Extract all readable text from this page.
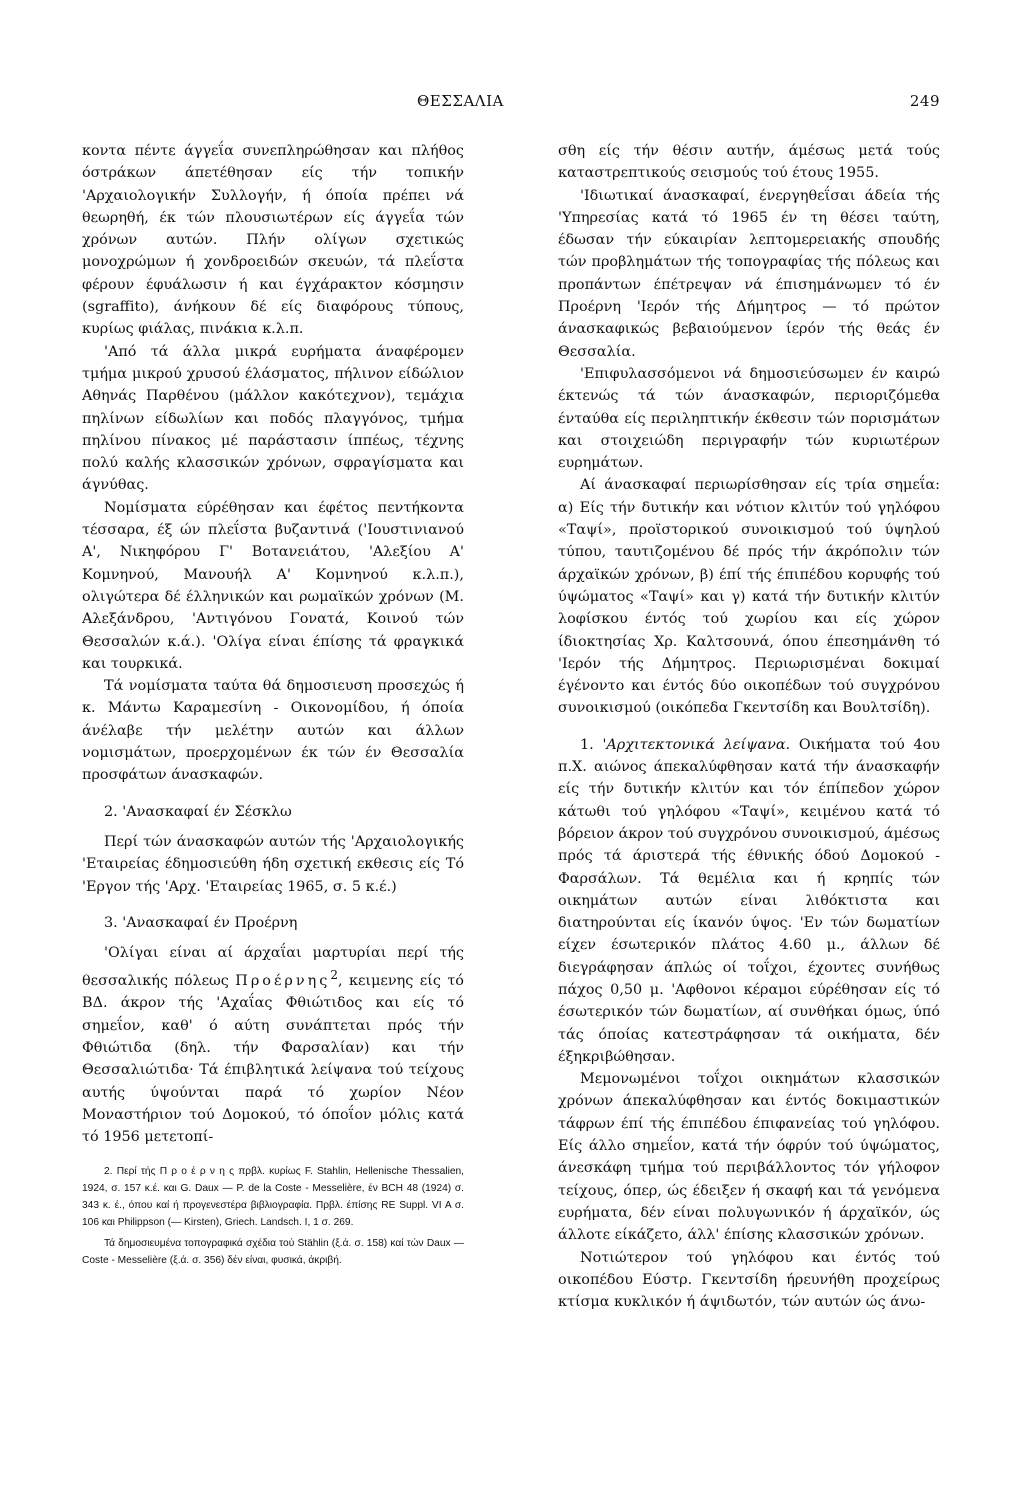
ΘΕΣΣΑΛΙΑ	249

κοντα πέντε άγγεΐα συνεπληρώθησαν και πλήθος όστράκων άπετέθησαν είς τήν τοπικήν 'Αρχαιολογικήν Συλλογήν, ή όποία πρέπει νά θεωρηθή, έκ τών πλουσιωτέρων είς άγγεΐα τών χρόνων αυτών. Πλήν ολίγων σχετικώς μονοχρώμων ή χονδροειδών σκευών, τά πλεΐστα φέρουν έφυάλωσιν ή και έγχάρακτον κόσμησιν (sgraffito), άνήκουν δέ είς διαφόρους τύπους, κυρίως φιάλας, πινάκια κ.λ.π.

'Από τά άλλα μικρά ευρήματα άναφέρομεν τμήμα μικρού χρυσού έλάσματος, πήλινον είδώλιον Αθηνάς Παρθένου (μάλλον κακότεχνον), τεμάχια πηλίνων είδωλίων και ποδός πλαγγόνος, τμήμα πηλίνου πίνακος μέ παράστασιν ίππέως, τέχνης πολύ καλής κλασσικών χρόνων, σφραγίσματα και άγνύθας.

Νομίσματα εύρέθησαν και έφέτος πεντήκοντα τέσσαρα, έξ ών πλεΐστα βυζαντινά ('Ιουστινιανού Α', Νικηφόρου Γ' Βοτανειάτου, 'Αλεξίου Α' Κομνηνού, Μανουήλ Α' Κομνηνού κ.λ.π.), ολιγώτερα δέ έλληνικών και ρωμαϊκών χρόνων (Μ. Αλεξάνδρου, 'Αντιγόνου Γονατά, Κοινού τών Θεσσαλών κ.ά.). 'Ολίγα είναι έπίσης τά φραγκικά και τουρκικά.

Τά νομίσματα ταύτα θά δημοσιευση προσεχώς ή κ. Μάντω Καραμεσίνη - Οικονομίδου, ή όποία άνέλαβε τήν μελέτην αυτών και άλλων νομισμάτων, προερχομένων έκ τών έν Θεσσαλία προσφάτων άνασκαφών.

2. 'Ανασκαφαί έν Σέσκλω

Περί τών άνασκαφών αυτών τής 'Αρχαιολογικής 'Εταιρείας έδημοσιεύθη ήδη σχετική εκθεσις είς Τό 'Εργον τής 'Αρχ. 'Εταιρείας 1965, σ. 5 κ.έ.)

3. 'Ανασκαφαί έν Προέρνη

'Ολίγαι είναι αί άρχαΐαι μαρτυρίαι περί τής θεσσαλικής πόλεως Προέρνης$^2$, κειμενης είς τό ΒΔ. άκρον τής 'Αχαΐας Φθιώτιδος και είς τό σημεΐον, καθ' ό αύτη συνάπτεται πρός τήν Φθιώτιδα (δηλ. τήν Φαρσαλίαν) και τήν Θεσσαλιώτιδα· Τά έπιβλητικά λείψανα τού τείχους αυτής ύψούνται παρά τό χωρίον Νέον Μοναστήριον τού Δομοκού, τό όποΐον μόλις κατά τό 1956 μετετοπί-

2. Περί τής Π ρ ο έ ρ ν η ς πρβλ. κυρίως F. Stahlin, Hellenische Thessalien, 1924, σ. 157 κ.έ. και G. Daux — P. de la Coste - Messelière, έν BCH 48 (1924) σ. 343 κ. έ., όπου καί ή προγενεστέρα βιβλιογραφία. Πρβλ. έπίσης RE Suppl. VI A σ. 106 και Philippson (— Kirsten), Griech. Landsch. I, 1 σ. 269.

Τά δημοσιευμένα τοπογραφικά σχέδια τού Stählin (ξ.ά. σ. 158) καί τών Daux — Coste - Messelière (ξ.ά. σ. 356) δέν είναι, φυσικά, άκριβή.

σθη είς τήν θέσιν αυτήν, άμέσως μετά τούς καταστρεπτικούς σεισμούς τού έτους 1955.

'Ιδιωτικαί άνασκαφαί, ένεργηθεΐσαι άδεία τής 'Υπηρεσίας κατά τό 1965 έν τη θέσει ταύτη, έδωσαν τήν εύκαιρίαν λεπτομερειακής σπουδής τών προβλημάτων τής τοπογραφίας τής πόλεως και προπάντων έπέτρεψαν νά έπισημάνωμεν τό έν Προέρνη 'Ιερόν τής Δήμητρος — τό πρώτον άνασκαφικώς βεβαιούμενον ίερόν τής θεάς έν Θεσσαλία.

'Επιφυλασσόμενοι νά δημοσιεύσωμεν έν καιρώ έκτενώς τά τών άνασκαφών, περιοριζόμεθα ένταύθα είς περιληπτικήν έκθεσιν τών πορισμάτων και στοιχειώδη περιγραφήν τών κυριωτέρων ευρημάτων.

Αί άνασκαφαί περιωρίσθησαν είς τρία σημεΐα: α) Είς τήν δυτικήν και νότιον κλιτύν τού γηλόφου «Ταψί», προϊστορικού συνοικισμού τού ύψηλού τύπου, ταυτιζομένου δέ πρός τήν άκρόπολιν τών άρχαϊκών χρόνων, β) έπί τής έπιπέδου κορυφής τού ύψώματος «Ταψί» και γ) κατά τήν δυτικήν κλιτύν λοφίσκου έντός τού χωρίου και είς χώρον ίδιοκτησίας Χρ. Καλτσουνά, όπου έπεσημάνθη τό 'Ιερόν τής Δήμητρος. Περιωρισμέναι δοκιμαί έγένοντο και έντός δύο οικοπέδων τού συγχρόνου συνοικισμού (οικόπεδα Γκεντσίδη και Βουλτσίδη).

1. 'Αρχιτεκτονικά λείψανα. Οικήματα τού 4ου π.Χ. αιώνος άπεκαλύφθησαν κατά τήν άνασκαφήν είς τήν δυτικήν κλιτύν και τόν έπίπεδον χώρον κάτωθι τού γηλόφου «Ταψί», κειμένου κατά τό βόρειον άκρον τού συγχρόνου συνοικισμού, άμέσως πρός τά άριστερά τής έθνικής όδού Δομοκού - Φαρσάλων. Τά θεμέλια και ή κρηπίς τών οικημάτων αυτών είναι λιθόκτιστα και διατηρούνται είς ίκανόν ύψος. 'Εν τών δωματίων είχεν έσωτερικόν πλάτος 4.60 μ., άλλων δέ διεγράφησαν άπλώς οί τοΐχοι, έχοντες συνήθως πάχος 0,50 μ. 'Αφθονοι κέραμοι εύρέθησαν είς τό έσωτερικόν τών δωματίων, αί συνθήκαι όμως, ύπό τάς όποίας κατεστράφησαν τά οικήματα, δέν έξηκριβώθησαν.

Μεμονωμένοι τοΐχοι οικημάτων κλασσικών χρόνων άπεκαλύφθησαν και έντός δοκιμαστικών τάφρων έπί τής έπιπέδου έπιφανείας τού γηλόφου. Είς άλλο σημεΐον, κατά τήν όφρύν τού ύψώματος, άνεσκάφη τμήμα τού περιβάλλοντος τόν γήλοφον τείχους, όπερ, ώς έδειξεν ή σκαφή και τά γενόμενα ευρήματα, δέν είναι πολυγωνικόν ή άρχαϊκόν, ώς άλλοτε είκάζετο, άλλ' έπίσης κλασσικών χρόνων.

Νοτιώτερον τού γηλόφου και έντός τού οικοπέδου Εύστρ. Γκεντσίδη ήρευνήθη προχείρως κτίσμα κυκλικόν ή άψιδωτόν, τών αυτών ώς άνω-
